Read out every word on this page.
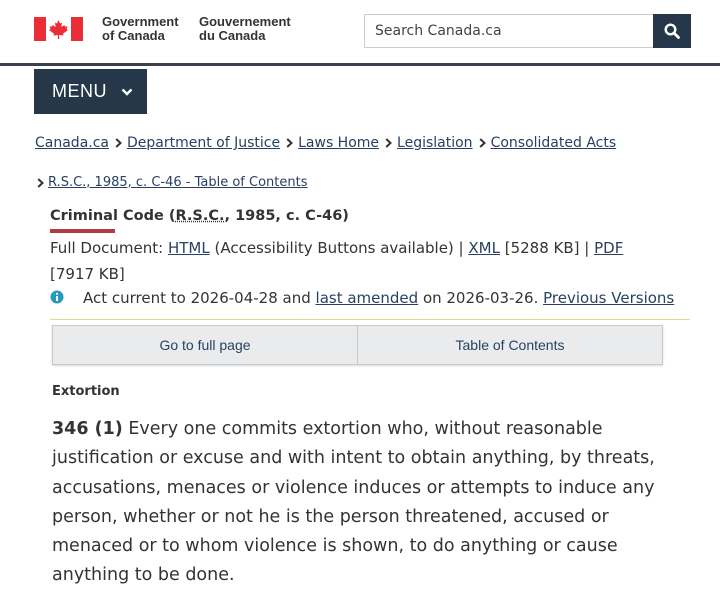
Government
of Canada
Gouvernement
du Canada
Search Canada.ca
MENU
Canada.ca Department of Justice Laws Home Legislation Consolidated Acts
R.S.C., 1985, c. C-46 - Table of Contents
Criminal Code (R.S.C., 1985, c. C-46)
Full Document: HTML (Accessibility Buttons available) | XML [5288 KB] | PDF
[7917 KB]
Act current to 2026-04-28 and last amended on 2026-03-26. Previous Versions
Go to full page	Table of Contents
Extortion

346 (1) Every one commits extortion who, without reasonable justification or excuse and with intent to obtain anything, by threats, accusations, menaces or violence induces or attempts to induce any person, whether or not he is the person threatened, accused or menaced or to whom violence is shown, to do anything or cause anything to be done.
